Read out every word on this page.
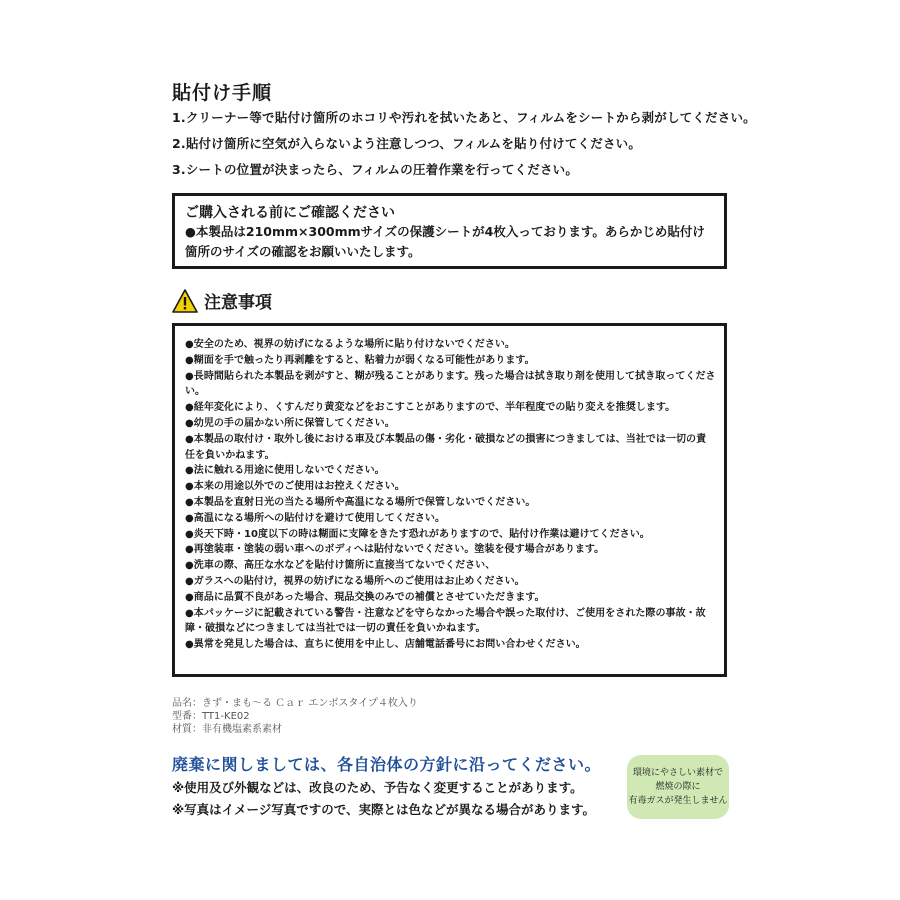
貼付け手順
1.クリーナー等で貼付け箇所のホコリや汚れを拭いたあと、フィルムをシートから剥がしてください。
2.貼付け箇所に空気が入らないよう注意しつつ、フィルムを貼り付けてください。
3.シートの位置が決まったら、フィルムの圧着作業を行ってください。
ご購入される前にご確認ください
●本製品は210mm×300mmサイズの保護シートが4枚入っております。あらかじめ貼付け箇所のサイズの確認をお願いいたします。
注意事項
●安全のため、視界の妨げになるような場所に貼り付けないでください。
●糊面を手で触ったり再剥離をすると、粘着力が弱くなる可能性があります。
●長時間貼られた本製品を剥がすと、糊が残ることがあります。残った場合は拭き取り剤を使用して拭き取ってください。
●経年変化により、くすんだり黄変などをおこすことがありますので、半年程度での貼り変えを推奨します。
●幼児の手の届かない所に保管してください。
●本製品の取付け・取外し後における車及び本製品の傷・劣化・破損などの損害につきましては、当社では一切の責任を負いかねます。
●法に触れる用途に使用しないでください。
●本来の用途以外でのご使用はお控えください。
●本製品を直射日光の当たる場所や高温になる場所で保管しないでください。
●高温になる場所への貼付けを避けて使用してください。
●炎天下時・10度以下の時は糊面に支障をきたす恐れがありますので、貼付け作業は避けてください。
●再塗装車・塗装の弱い車へのボディへは貼付ないでください。塗装を侵す場合があります。
●洗車の際、高圧な水などを貼付け箇所に直接当てないでください、
●ガラスへの貼付け，視界の妨げになる場所へのご使用はお止めください。
●商品に品質不良があった場合、現品交換のみでの補償とさせていただきます。
●本パッケージに記載されている警告・注意などを守らなかった場合や誤った取付け、ご使用をされた際の事故・故障・破損などにつきましては当社では一切の責任を負いかねます。
●異常を発見した場合は、直ちに使用を中止し、店舗電話番号にお問い合わせください。
品名：きず・まも〜る Ｃａｒ エンボスタイプ４枚入り
型番：TT1-KE02
材質：非有機塩素系素材
廃棄に関しましては、各自治体の方針に沿ってください。
※使用及び外観などは、改良のため、予告なく変更することがあります。
※写真はイメージ写真ですので、実際とは色などが異なる場合があります。
環境にやさしい素材で
燃焼の際に
有毒ガスが発生しません
